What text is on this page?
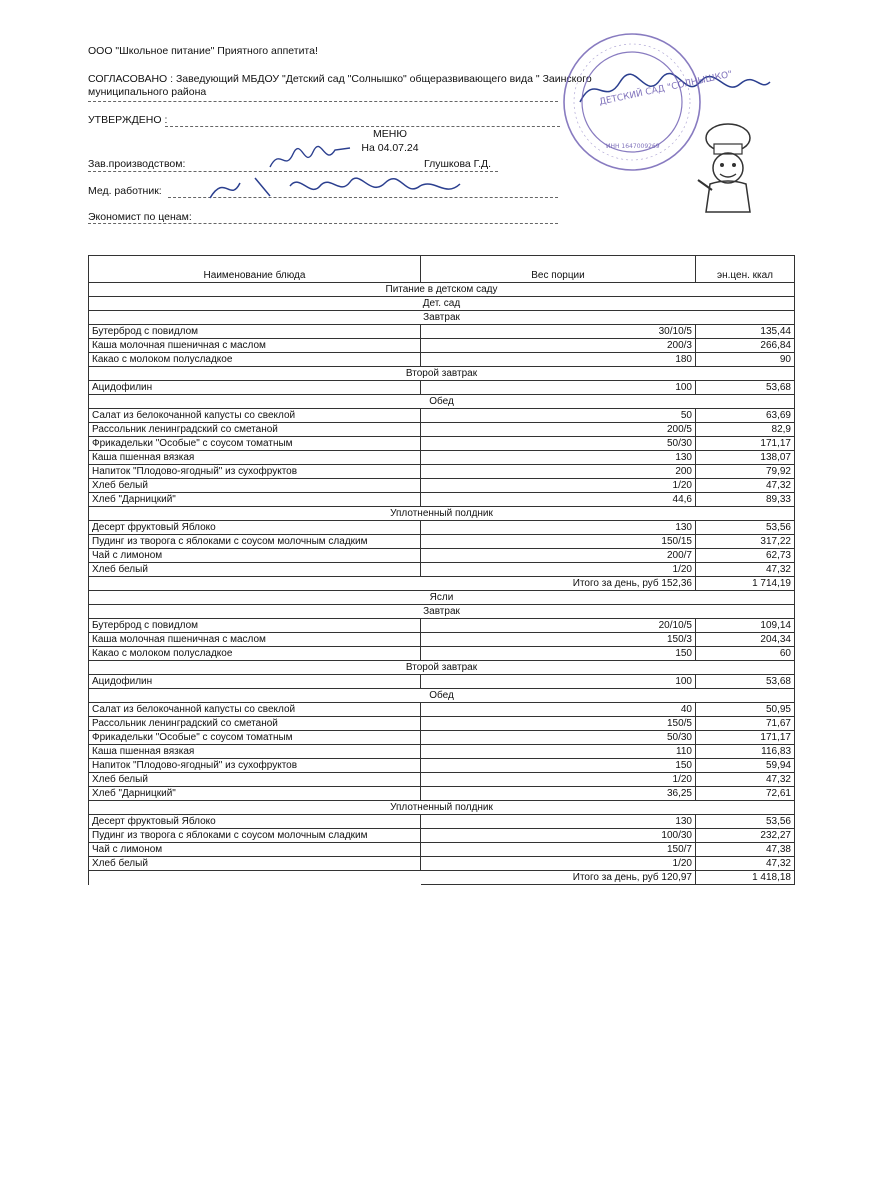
ООО "Школьное питание" Приятного аппетита!
СОГЛАСОВАНО : Заведующий МБДОУ "Детский сад "Солнышко" общеразвивающего вида " Заинского
муниципального района
УТВЕРЖДЕНО :
МЕНЮ
На 04.07.24
Зав.производством:	Глушкова Г.Д.
Мед. работник:
Экономист по ценам:
ДЕТСКИЙ САД "СОЛНЫШКО"
ИНН 1647009269
Наименование блюда	Вес порции	эн.цен. ккал
Питание в детском саду		
Дет. сад		
Завтрак		
Бутерброд с повидлом	30/10/5	135,44
Каша молочная пшеничная с маслом	200/3	266,84
Какао с молоком полусладкое	180	90
Второй завтрак		
Ацидофилин	100	53,68
Обед		
Салат из белокочанной капусты со свеклой	50	63,69
Рассольник ленинградский со сметаной	200/5	82,9
Фрикадельки "Особые" с соусом томатным	50/30	171,17
Каша пшенная вязкая	130	138,07
Напиток "Плодово-ягодный" из сухофруктов	200	79,92
Хлеб белый	1/20	47,32
Хлеб "Дарницкий"	44,6	89,33
Уплотненный полдник		
Десерт фруктовый Яблоко	130	53,56
Пудинг из творога с яблоками с соусом молочным сладким	150/15	317,22
Чай с лимоном	200/7	62,73
Хлеб белый	1/20	47,32
	Итого за день, руб 152,36	1 714,19
Ясли		
Завтрак		
Бутерброд с повидлом	20/10/5	109,14
Каша молочная пшеничная с маслом	150/3	204,34
Какао с молоком полусладкое	150	60
Второй завтрак		
Ацидофилин	100	53,68
Обед		
Салат из белокочанной капусты со свеклой	40	50,95
Рассольник ленинградский со сметаной	150/5	71,67
Фрикадельки "Особые" с соусом томатным	50/30	171,17
Каша пшенная вязкая	110	116,83
Напиток "Плодово-ягодный" из сухофруктов	150	59,94
Хлеб белый	1/20	47,32
Хлеб "Дарницкий"	36,25	72,61
Уплотненный полдник		
Десерт фруктовый Яблоко	130	53,56
Пудинг из творога с яблоками с соусом молочным сладким	100/30	232,27
Чай с лимоном	150/7	47,38
Хлеб белый	1/20	47,32
	Итого за день, руб 120,97	1 418,18
